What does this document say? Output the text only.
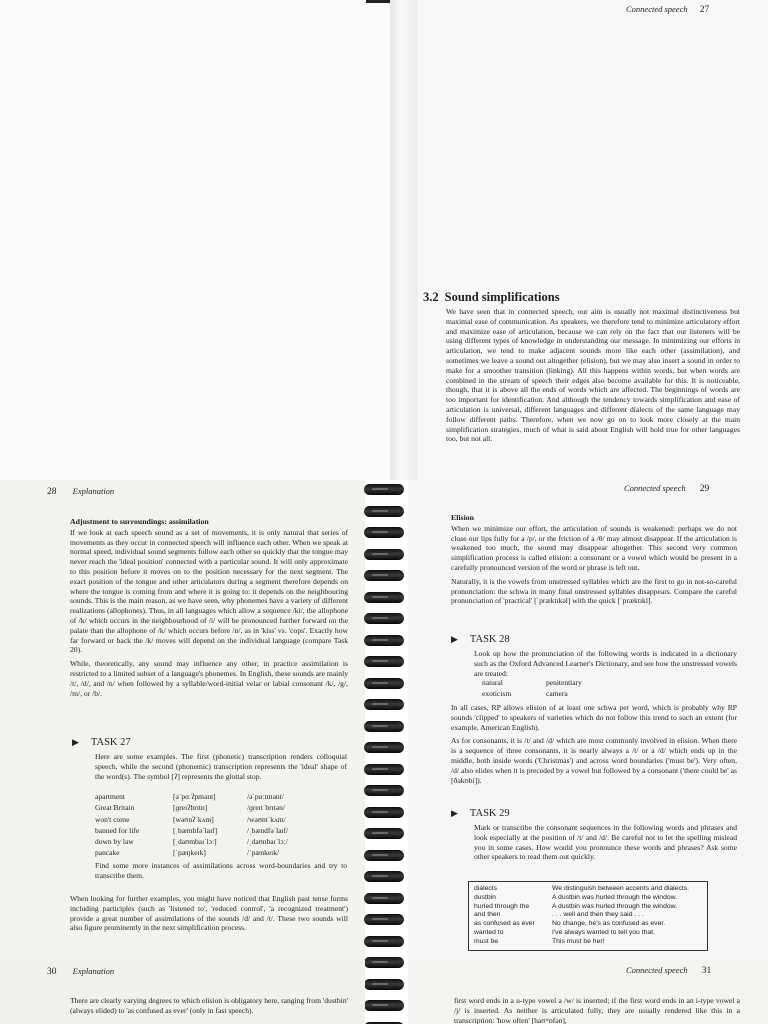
Connected speech 27
3.2 Sound simplifications
We have seen that in connected speech, our aim is usually not maximal distinctiveness but maximal ease of communication. As speakers, we therefore tend to minimize articulatory effort and maximize ease of articulation, because we can rely on the fact that our listeners will be using different types of knowledge in understanding our message. In minimizing our efforts in articulation, we tend to make adjacent sounds more like each other (assimilation), and sometimes we leave a sound out altogether (elision), but we may also insert a sound in order to make for a smoother transition (linking). All this happens within words, but when words are combined in the stream of speech their edges also become available for this. It is noticeable, though, that it is above all the ends of words which are affected. The beginnings of words are too important for identification. And although the tendency towards simplification and ease of articulation is universal, different languages and different dialects of the same language may follow different paths. Therefore, when we now go on to look more closely at the main simplification strategies, much of what is said about English will hold true for other languages too, but not all.
28 Explanation
Adjustment to surroundings: assimilation

If we look at each speech sound as a set of movements, it is only natural that series of movements as they occur in connected speech will influence each other. When we speak at normal speed, individual sound segments follow each other so quickly that the tongue may never reach the 'ideal position' connected with a particular sound. It will only approximate to this position before it moves on to the position necessary for the next segment. The exact position of the tongue and other articulators during a segment therefore depends on where the tongue is coming from and where it is going to: it depends on the neighbouring sounds. This is the main reason, as we have seen, why phonemes have a variety of different realizations (allophones). Thus, in all languages which allow a sequence /ki/, the allophone of /k/ which occurs in the neighbourhood of /i/ will be pronounced further forward on the palate than the allophone of /k/ which occurs before /ɒ/, as in 'kiss' vs. 'cops'. Exactly how far forward or back the /k/ moves will depend on the individual language (compare Task 20).

While, theoretically, any sound may influence any other, in practice assimilation is restricted to a limited subset of a language's phonemes. In English, these sounds are mainly /t/, /d/, and /n/ when followed by a syllable/word-initial velar or labial consonant /k/, /g/, /m/, or /b/.

▶ TASK 27
Here are some examples. The first (phonetic) transcription renders colloquial speech, while the second (phonemic) transcription represents the 'ideal' shape of the word(s). The symbol [ʔ] represents the glottal stop.
apartment	[əˈpɑːʔpmənt]	/əˈpɑːtmənt/
Great Britain	[ɡreɪʔbrɪtn]	/ɡreɪtˈbrɪtən/
won't come	[wəʊnʔˈkʌm]	/wəʊntˈkʌm/
banned for life	[ˌbæmbfəˈlaɪf]	/ˌbændfəˈlaɪf/
down by law	[ˌdaʊmbaɪˈlɔː]	/ˌdaʊnbaɪˈlɔː/
pancake	[ˈpæŋkeɪk]	/ˈpænkeɪk/
Find some more instances of assimilations across word-boundaries and try to transcribe them.
When looking for further examples, you might have noticed that English past tense forms including participles (such as 'listened to', 'reduced control', 'a recognized treatment') provide a great number of assimilations of the sounds /d/ and /t/. These two sounds will also figure prominently in the next simplification process.
Connected speech 29
Elision

When we minimize our effort, the articulation of sounds is weakened: perhaps we do not close our lips fully for a /p/, or the friction of a /θ/ may almost disappear. If the articulation is weakened too much, the sound may disappear altogether. This second very common simplification process is called elision: a consonant or a vowel which would be present in a carefully pronounced version of the word or phrase is left out.

Naturally, it is the vowels from unstressed syllables which are the first to go in not-so-careful pronunciation: the schwa in many final unstressed syllables disappears. Compare the careful pronunciation of 'practical' [ˈpræktɪkəl] with the quick [ˈpræktɪkl].

▶ TASK 28
Look up how the pronunciation of the following words is indicated in a dictionary such as the Oxford Advanced Learner's Dictionary, and see how the unstressed vowels are treated:
natural	penitentiary
exoticism	camera

In all cases, RP allows elision of at least one schwa per word, which is probably why RP sounds 'clipped' to speakers of varieties which do not follow this trend to such an extent (for example, American English).

As for consonants, it is /t/ and /d/ which are most commonly involved in elision. When there is a sequence of three consonants, it is nearly always a /t/ or a /d/ which ends up in the middle, both inside words ('Christmas') and across word boundaries ('must be'). Very often, /d/ also elides when it is preceded by a vowel but followed by a consonant ('there could be' as [ðəkʊbi]).

▶ TASK 29
Mark or transcribe the consonant sequences in the following words and phrases and look especially at the position of /t/ and /d/. Be careful not to let the spelling mislead you in some cases. How would you pronounce these words and phrases? Ask some other speakers to read them out quickly.
dialects	We distinguish between accents and dialects.
dustbin	A dustbin was hurled through the window.
hurled through the	A dustbin was hurled through the window.
and then	. . . well and then they said . . .
as confused as ever	No change, he's as confused as ever.
wanted to	I've always wanted to tell you that.
must be	This must be her!
30 Explanation
There are clearly varying degrees to which elision is obligatory here, ranging from 'dustbin' (always elided) to 'as confused as ever' (only in fast speech).
Connected speech 31
first word ends in a u-type vowel a /w/ is inserted; if the first word ends in an i-type vowel a /j/ is inserted. As neither is articulated fully, they are usually rendered like this in a transcription: 'how often' [haʊʷɒfən],
